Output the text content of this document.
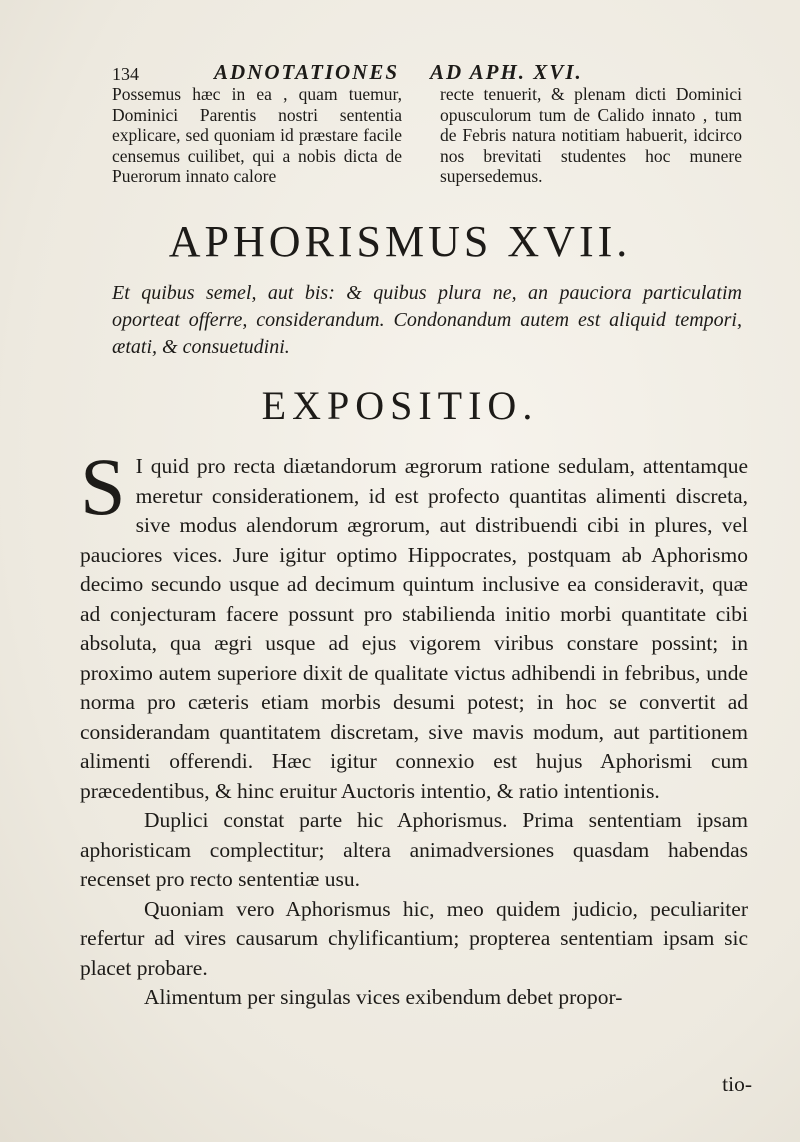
134	ADNOTATIONES AD APH. XVI.

Possemus hæc in ea , quam tuemur, Dominici Parentis nostri sententia explicare, sed quoniam id præstare facile censemus cuilibet, qui a nobis dicta de Puerorum innato calore

recte tenuerit, & plenam dicti Dominici opusculorum tum de Calido innato , tum de Febris natura notitiam habuerit, idcirco nos brevitati studentes hoc munere supersedemus.

APHORISMUS XVII.

Et quibus semel, aut bis: & quibus plura ne, an pauciora particulatim oporteat offerre, considerandum. Condonandum autem est aliquid tempori, ætati, & consuetudini.

EXPOSITIO.

S I quid pro recta diætandorum ægrorum ratione sedulam, attentamque meretur considerationem, id est profecto quantitas alimenti discreta, sive modus alendorum ægrorum, aut distribuendi cibi in plures, vel pauciores vices. Jure igitur optimo Hippocrates, postquam ab Aphorismo decimo secundo usque ad decimum quintum inclusive ea consideravit, quæ ad conjecturam facere possunt pro stabilienda initio morbi quantitate cibi absoluta, qua ægri usque ad ejus vigorem viribus constare possint; in proximo autem superiore dixit de qualitate victus adhibendi in febribus, unde norma pro cæteris etiam morbis desumi potest; in hoc se convertit ad considerandam quantitatem discretam, sive mavis modum, aut partitionem alimenti offerendi. Hæc igitur connexio est hujus Aphorismi cum præcedentibus, & hinc eruitur Auctoris intentio, & ratio intentionis.

Duplici constat parte hic Aphorismus. Prima sententiam ipsam aphoristicam complectitur; altera animadversiones quasdam habendas recenset pro recto sententiæ usu.

Quoniam vero Aphorismus hic, meo quidem judicio, peculiariter refertur ad vires causarum chylificantium; propterea sententiam ipsam sic placet probare.

Alimentum per singulas vices exibendum debet propor-

tio-
